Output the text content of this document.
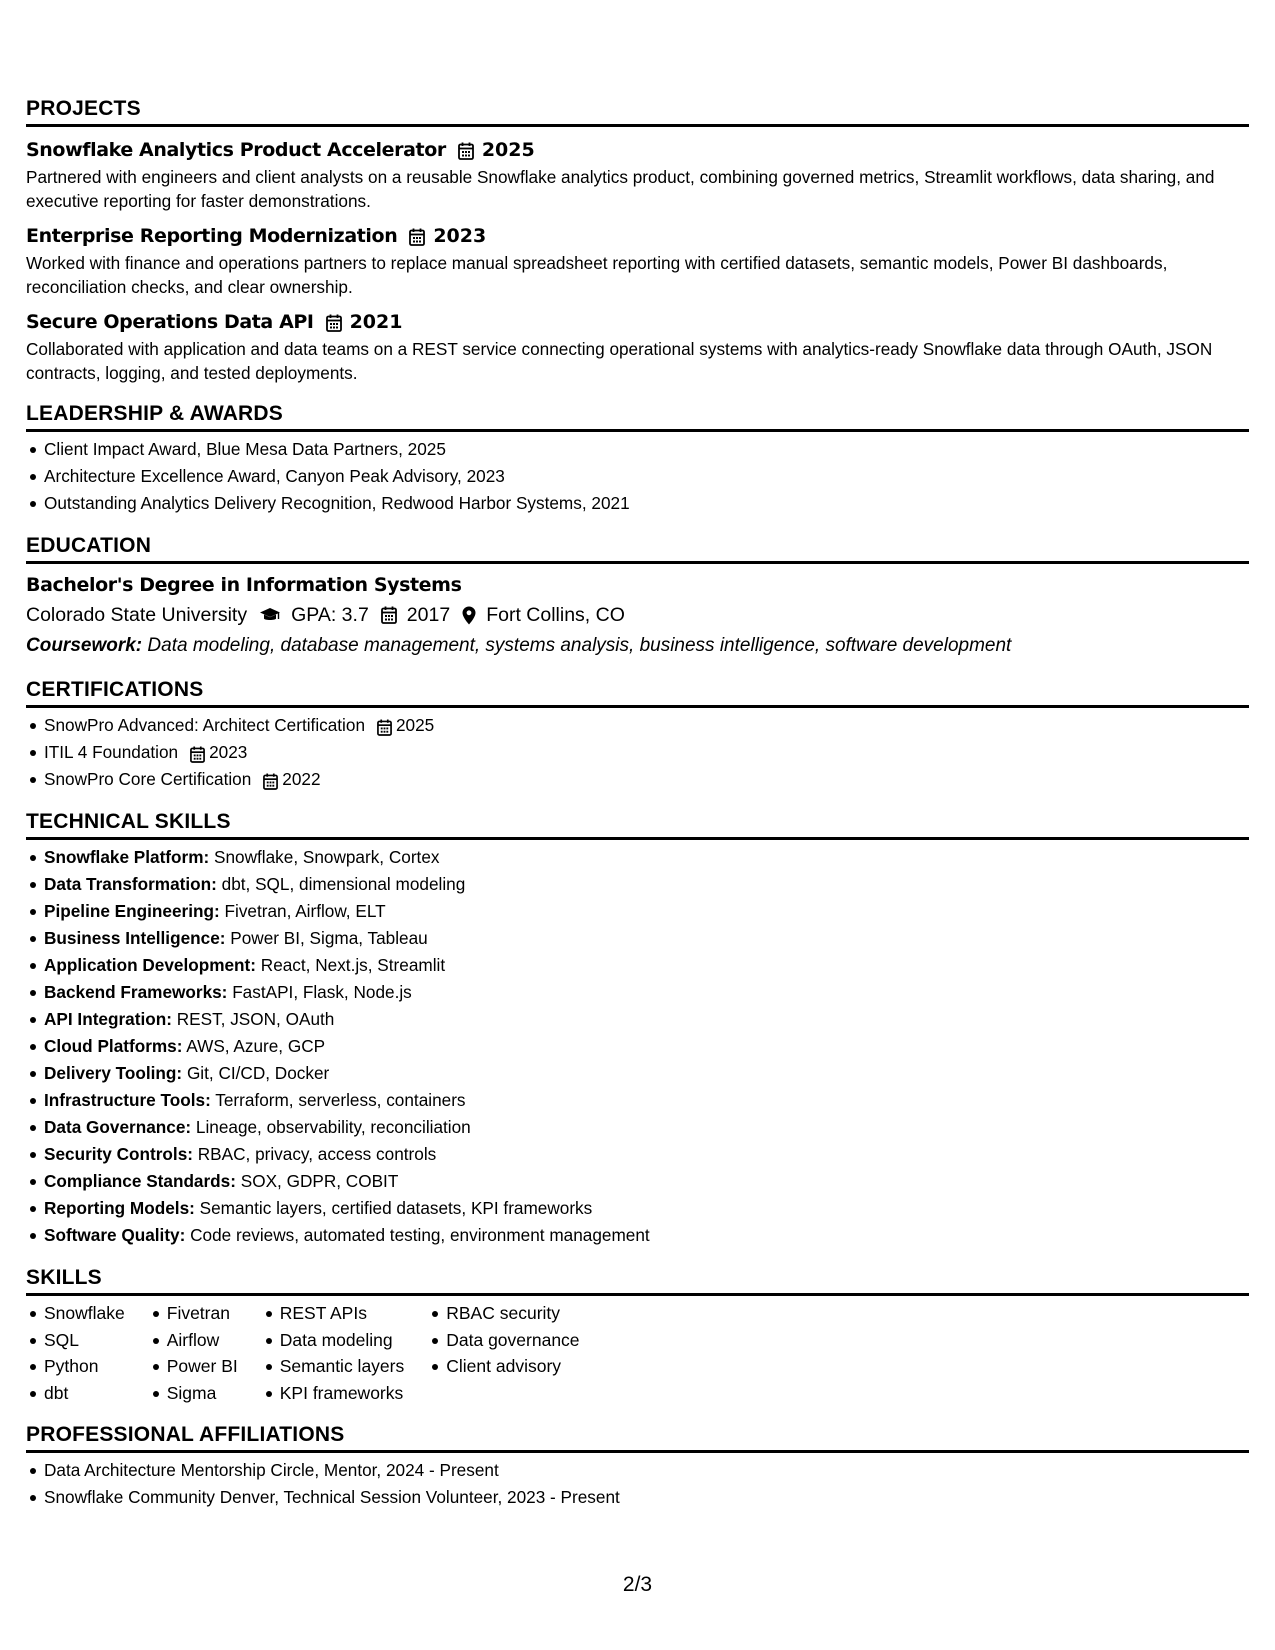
PROJECTS
Snowflake Analytics Product Accelerator 2025
Partnered with engineers and client analysts on a reusable Snowflake analytics product, combining governed metrics, Streamlit workflows, data sharing, and executive reporting for faster demonstrations.
Enterprise Reporting Modernization 2023
Worked with finance and operations partners to replace manual spreadsheet reporting with certified datasets, semantic models, Power BI dashboards, reconciliation checks, and clear ownership.
Secure Operations Data API 2021
Collaborated with application and data teams on a REST service connecting operational systems with analytics-ready Snowflake data through OAuth, JSON contracts, logging, and tested deployments.
LEADERSHIP & AWARDS
Client Impact Award, Blue Mesa Data Partners, 2025
Architecture Excellence Award, Canyon Peak Advisory, 2023
Outstanding Analytics Delivery Recognition, Redwood Harbor Systems, 2021
EDUCATION
Bachelor's Degree in Information Systems
Colorado State University GPA: 3.7 2017 Fort Collins, CO
Coursework: Data modeling, database management, systems analysis, business intelligence, software development
CERTIFICATIONS
SnowPro Advanced: Architect Certification 2025
ITIL 4 Foundation 2023
SnowPro Core Certification 2022
TECHNICAL SKILLS
Snowflake Platform: Snowflake, Snowpark, Cortex
Data Transformation: dbt, SQL, dimensional modeling
Pipeline Engineering: Fivetran, Airflow, ELT
Business Intelligence: Power BI, Sigma, Tableau
Application Development: React, Next.js, Streamlit
Backend Frameworks: FastAPI, Flask, Node.js
API Integration: REST, JSON, OAuth
Cloud Platforms: AWS, Azure, GCP
Delivery Tooling: Git, CI/CD, Docker
Infrastructure Tools: Terraform, serverless, containers
Data Governance: Lineage, observability, reconciliation
Security Controls: RBAC, privacy, access controls
Compliance Standards: SOX, GDPR, COBIT
Reporting Models: Semantic layers, certified datasets, KPI frameworks
Software Quality: Code reviews, automated testing, environment management
SKILLS
Snowflake
SQL
Python
dbt
Fivetran
Airflow
Power BI
Sigma
REST APIs
Data modeling
Semantic layers
KPI frameworks
RBAC security
Data governance
Client advisory
PROFESSIONAL AFFILIATIONS
Data Architecture Mentorship Circle, Mentor, 2024 - Present
Snowflake Community Denver, Technical Session Volunteer, 2023 - Present
2/3
